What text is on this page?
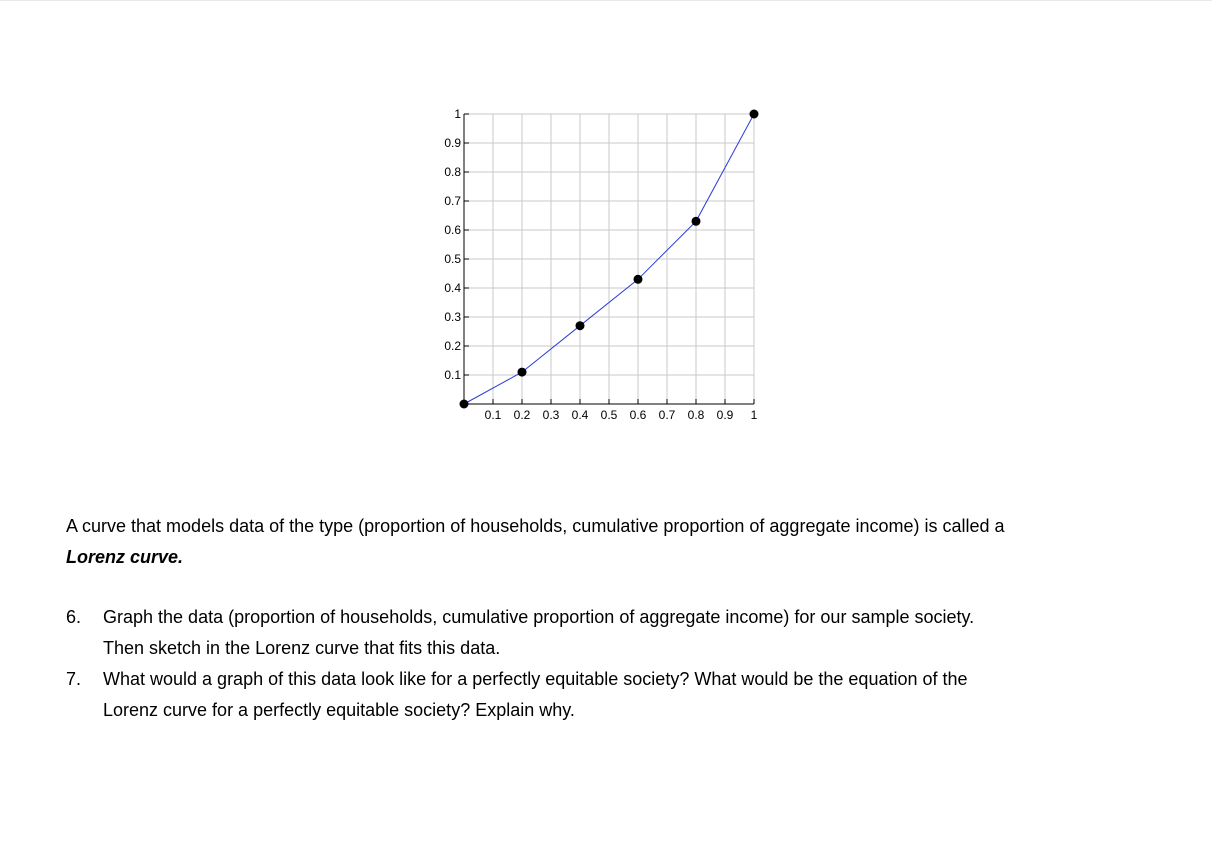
0.1 0.2 0.3 0.4 0.5 0.6 0.7 0.8 0.9 1
0.1
0.2
0.3
0.4
0.5
0.6
0.7
0.8
0.9
1

A curve that models data of the type (proportion of households, cumulative proportion of aggregate income) is called a
Lorenz curve.

6. Graph the data (proportion of households, cumulative proportion of aggregate income) for our sample society.
Then sketch in the Lorenz curve that fits this data.
7. What would a graph of this data look like for a perfectly equitable society? What would be the equation of the
Lorenz curve for a perfectly equitable society? Explain why.
